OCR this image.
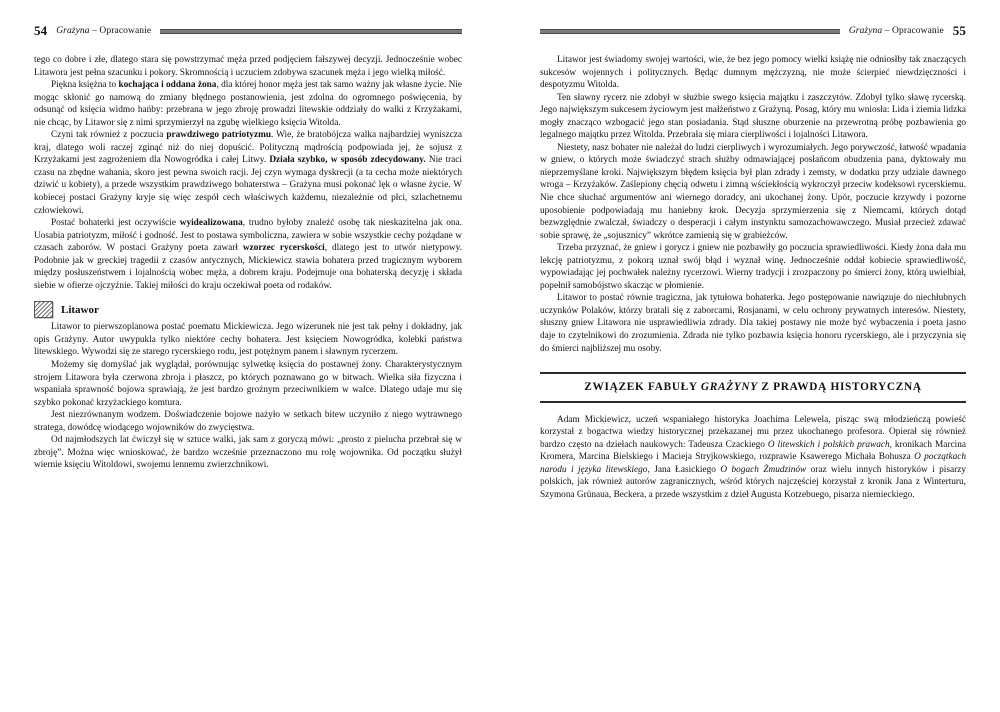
54 Grażyna – Opracowanie

tego co dobre i złe, dlatego stara się powstrzymać męża przed podjęciem fałszywej decyzji. Jednocześnie wobec Litawora jest pełna szacunku i pokory. Skromnością i uczuciem zdobywa szacunek męża i jego wielką miłość.

Piękna księżna to kochająca i oddana żona, dla której honor męża jest tak samo ważny jak własne życie. Nie mogąc skłonić go namową do zmiany błędnego postanowienia, jest zdolna do ogromnego poświęcenia, by odsunąć od księcia widmo hańby: przebrana w jego zbroję prowadzi litewskie oddziały do walki z Krzyżakami, nie chcąc, by Litawor się z nimi sprzymierzył na zgubę wielkiego księcia Witolda.

Czyni tak również z poczucia prawdziwego patriotyzmu. Wie, że bratobójcza walka najbardziej wyniszcza kraj, dlatego woli raczej zginąć niż do niej dopuścić. Polityczną mądrością podpowiada jej, że sojusz z Krzyżakami jest zagrożeniem dla Nowogródka i całej Litwy. Działa szybko, w sposób zdecydowany. Nie traci czasu na zbędne wahania, skoro jest pewna swoich racji. Jej czyn wymaga dyskrecji (a ta cecha może niektórych dziwić u kobiety), a przede wszystkim prawdziwego bohaterstwa – Grażyna musi pokonać lęk o własne życie. W kobiecej postaci Grażyny kryje się więc zespół cech właściwych każdemu, niezależnie od płci, szlachetnemu człowiekowi.

Postać bohaterki jest oczywiście wyidealizowana, trudno byłoby znaleźć osobę tak nieskazitelna jak ona. Uosabia patriotyzm, miłość i godność. Jest to postawa symboliczna, zawiera w sobie wszystkie cechy pożądane w czasach zaborów. W postaci Grażyny poeta zawarł wzorzec rycerskości, dlatego jest to utwór nietypowy. Podobnie jak w greckiej tragedii z czasów antycznych, Mickiewicz stawia bohatera przed tragicznym wyborem między posłuszeństwem i lojalnością wobec męża, a dobrem kraju. Podejmuje ona bohaterską decyzję i składa siebie w ofierze ojczyźnie. Takiej miłości do kraju oczekiwał poeta od rodaków.

Litawor

Litawor to pierwszoplanowa postać poematu Mickiewicza. Jego wizerunek nie jest tak pełny i dokładny, jak opis Grażyny. Autor uwypukla tylko niektóre cechy bohatera. Jest księciem Nowogródka, kolebki państwa litewskiego. Wywodzi się ze starego rycerskiego rodu, jest potężnym panem i sławnym rycerzem.

Możemy się domyślać jak wyglądał, porównując sylwetkę księcia do postawnej żony. Charakterystycznym strojem Litawora była czerwona zbroja i płaszcz, po których poznawano go w bitwach. Wielka siła fizyczna i wspaniała sprawność bojowa sprawiają, że jest bardzo groźnym przeciwnikiem w walce. Dlatego udaje mu się szybko pokonać krzyżackiego komtura.

Jest niezrównanym wodzem. Doświadczenie bojowe nażyło w setkach bitew uczyniło z niego wytrawnego stratega, dowódcę wiodącego wojowników do zwycięstwa.

Od najmłodszych lat ćwiczył się w sztuce walki, jak sam z goryczą mówi: „prosto z pielucha przebrał się w zbroję”. Można więc wnioskować, że bardzo wcześnie przeznaczono mu rolę wojownika. Od początku służył wiernie księciu Witoldowi, swojemu lennemu zwierzchnikowi.

Grażyna – Opracowanie 55

Litawor jest świadomy swojej wartości, wie, że bez jego pomocy wielki książę nie odniosłby tak znaczących sukcesów wojennych i politycznych. Będąc dumnym mężczyzną, nie może ścierpieć niewdzięczności i despotyzmu Witolda.

Ten sławny rycerz nie zdobył w służbie swego księcia majątku i zaszczytów. Zdobył tylko sławę rycerską. Jego największym sukcesem życiowym jest małżeństwo z Grażyną. Posag, który mu wniosła: Lida i ziemia lidzka mogły znacząco wzbogacić jego stan posiadania. Stąd słuszne oburzenie na przewrotną próbę pozbawienia go legalnego majątku przez Witolda. Przebrała się miara cierpliwości i lojalności Litawora.

Niestety, nasz bohater nie należał do ludzi cierpliwych i wyrozumiałych. Jego porywczość, łatwość wpadania w gniew, o których może świadczyć strach służby odmawiającej posłańcom obudzenia pana, dyktowały mu nieprzemyślane kroki. Największym błędem księcia był plan zdrady i zemsty, w dodatku przy udziale dawnego wroga – Krzyżaków. Zaślepiony chęcią odwetu i zimną wściekłością wykroczył przeciw kodeksowi rycerskiemu. Nie chce słuchać argumentów ani wiernego doradcy, ani ukochanej żony. Upór, poczucie krzywdy i pozorne uposobienie podpowiadają mu haniebny krok. Decyzja sprzymierzenia się z Niemcami, których dotąd bezwzględnie zwalczał, świadczy o desperacji i całym instynktu samozachowawczego. Musiał przecież zdawać sobie sprawę, że „sojusznicy” wkrótce zamienią się w grabieżców.

Trzeba przyznać, że gniew i gorycz i gniew nie pozbawiły go poczucia sprawiedliwości. Kiedy żona dała mu lekcję patriotyzmu, z pokorą uznał swój błąd i wyznał winę. Jednocześnie oddał kobiecie sprawiedliwość, wypowiadając jej pochwałek należny rycerzowi. Wierny tradycji i zrozpaczony po śmierci żony, którą uwielbiał, popełnił samobójstwo skacząc w płomienie.

Litawor to postać równie tragiczna, jak tytułowa bohaterka. Jego postępowanie nawiązuje do niechłubnych uczynków Polaków, którzy bratali się z zaborcami, Rosjanami, w celu ochrony prywatnych interesów. Niestety, słuszny gniew Litawora nie usprawiedliwia zdrady. Dla takiej postawy nie może być wybaczenia i poeta jasno daje to czytelnikowi do zrozumienia. Zdrada nie tylko pozbawia księcia honoru rycerskiego, ale i przyczynia się do śmierci najbliższej mu osoby.

ZWIĄZEK FABUŁY GRAŻYNY Z PRAWDĄ HISTORYCZNĄ

Adam Mickiewicz, uczeń wspaniałego historyka Joachima Lelewela, pisząc swą młodzieńczą powieść korzystał z bogactwa wiedzy historycznej przekazanej mu przez ukochanego profesora. Opierał się również bardzo często na dziełach naukowych: Tadeusza Czackiego O litewskich i polskich prawach, kronikach Marcina Kromera, Marcina Bielskiego i Macieja Stryjkowskiego, rozprawie Ksawerego Michała Bohusza O początkach narodu i języka litewskiego, Jana Łasickiego O bogach Żmudzinów oraz wielu innych historyków i pisarzy polskich, jak również autorów zagranicznych, wśród których najczęściej korzystał z kronik Jana z Winterturu, Szymona Grünaua, Beckera, a przede wszystkim z dzieł Augusta Kotzebuego, pisarza niemieckiego.
